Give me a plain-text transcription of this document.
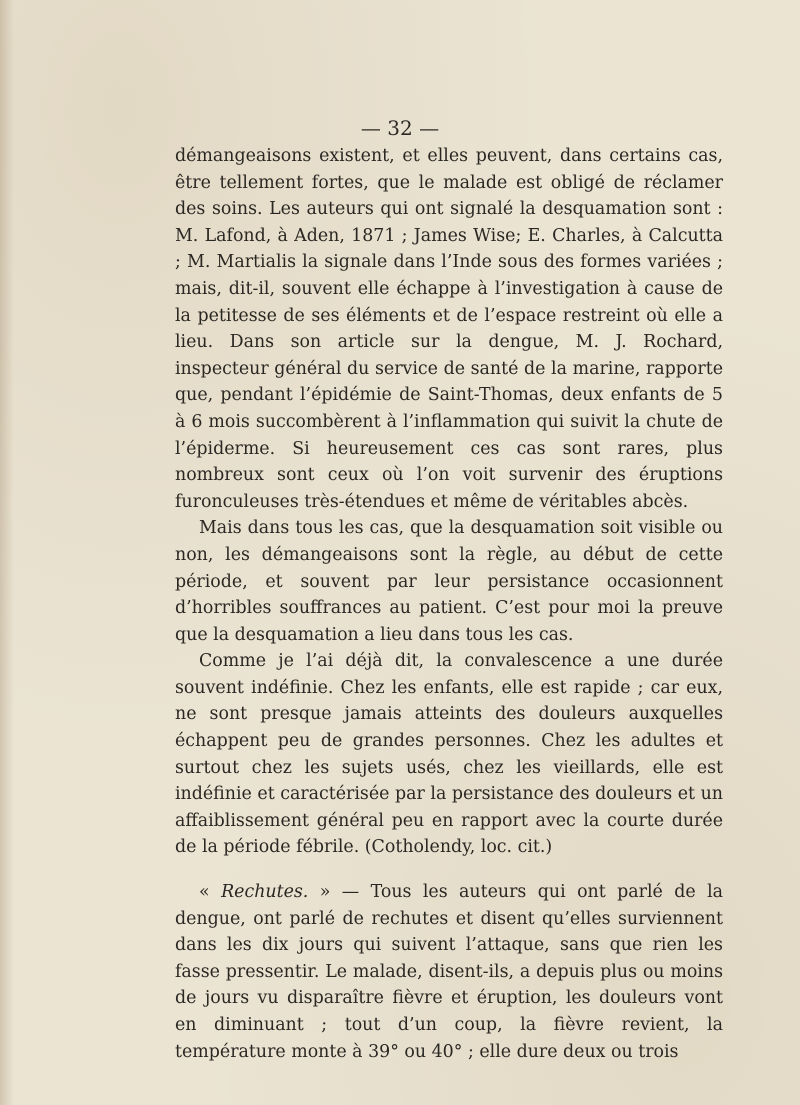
— 32 —

démangeaisons existent, et elles peuvent, dans certains cas, être tellement fortes, que le malade est obligé de réclamer des soins. Les auteurs qui ont signalé la desquamation sont : M. Lafond, à Aden, 1871 ; James Wise; E. Charles, à Calcutta ; M. Martialis la signale dans l’Inde sous des formes variées ; mais, dit-il, souvent elle échappe à l’investigation à cause de la petitesse de ses éléments et de l’espace restreint où elle a lieu. Dans son article sur la dengue, M. J. Rochard, inspecteur général du service de santé de la marine, rapporte que, pendant l’épidémie de Saint-Thomas, deux enfants de 5 à 6 mois succombèrent à l’inflammation qui suivit la chute de l’épiderme. Si heureusement ces cas sont rares, plus nombreux sont ceux où l’on voit survenir des éruptions furonculeuses très-étendues et même de véritables abcès.

Mais dans tous les cas, que la desquamation soit visible ou non, les démangeaisons sont la règle, au début de cette période, et souvent par leur persistance occasionnent d’horribles souffrances au patient. C’est pour moi la preuve que la desquamation a lieu dans tous les cas.

Comme je l’ai déjà dit, la convalescence a une durée souvent indéfinie. Chez les enfants, elle est rapide ; car eux, ne sont presque jamais atteints des douleurs auxquelles échappent peu de grandes personnes. Chez les adultes et surtout chez les sujets usés, chez les vieillards, elle est indéfinie et caractérisée par la persistance des douleurs et un affaiblissement général peu en rapport avec la courte durée de la période fébrile. (Cotholendy, loc. cit.)

« Rechutes. » — Tous les auteurs qui ont parlé de la dengue, ont parlé de rechutes et disent qu’elles surviennent dans les dix jours qui suivent l’attaque, sans que rien les fasse pressentir. Le malade, disent-ils, a depuis plus ou moins de jours vu disparaître fièvre et éruption, les douleurs vont en diminuant ; tout d’un coup, la fièvre revient, la température monte à 39° ou 40° ; elle dure deux ou trois
